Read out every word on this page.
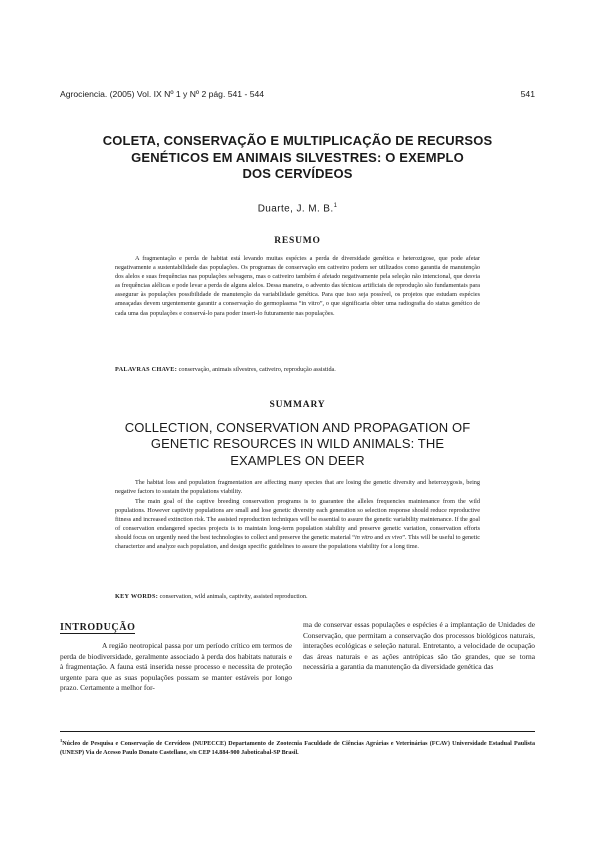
Agrociencia. (2005) Vol. IX Nº 1 y Nº 2 pág. 541 - 544	541
COLETA, CONSERVAÇÃO E MULTIPLICAÇÃO DE RECURSOS
GENÉTICOS EM ANIMAIS SILVESTRES: O EXEMPLO
DOS CERVÍDEOS
Duarte, J. M. B.$^1$
RESUMO

A fragmentação e perda de habitat está levando muitas espécies a perda de diversidade genética e heterozigose, que pode afetar negativamente a sustentabilidade das populações. Os programas de conservação em cativeiro podem ser utilizados como garantia de manutenção dos alelos e suas frequências nas populações selvagens, mas o cativeiro também é afetado negativamente pela seleção não intencional, que desvia as frequências alélicas e pode levar a perda de alguns alelos. Dessa maneira, o advento das técnicas artificiais de reprodução são fundamentais para assegurar às populações possibilidade de manutenção da variabilidade genética. Para que isso seja possível, os projetos que estudam espécies ameaçadas devem urgentemente garantir a conservação do germoplasma “in vitro”, o que significaria obter uma radiografia do status genético de cada uma das populações e conservá-lo para poder inseri-lo futuramente nas populações.

PALAVRAS CHAVE: conservação, animais silvestres, cativeiro, reprodução assistida.
SUMMARY
COLLECTION, CONSERVATION AND PROPAGATION OF
GENETIC RESOURCES IN WILD ANIMALS: THE
EXAMPLES ON DEER

The habitat loss and population fragmentation are affecting many species that are losing the genetic diversity and heterozygosis, being negative factors to sustain the populations viability.

The main goal of the captive breeding conservation programs is to guarantee the alleles frequencies maintenance from the wild populations. However captivity populations are small and lose genetic diversity each generation so selection response should reduce reproductive fitness and increased extinction risk. The assisted reproduction techniques will be essential to assure the genetic variability maintenance. If the goal of conservation endangered species projects is to maintain long-term population stability and preserve genetic variation, conservation efforts should focus on urgently need the best technologies to collect and preserve the genetic material “in vitro and ex vivo”. This will be useful to genetic characterize and analyze each population, and design specific guidelines to assure the populations viability for a long time.

KEY WORDS: conservation, wild animals, captivity, assisted reproduction.
INTRODUÇÃO

A região neotropical passa por um período crítico em termos de perda de biodiversidade, geralmente associado à perda dos habitats naturais e à fragmentação. A fauna está inserida nesse processo e necessita de proteção urgente para que as suas populações possam se manter estáveis por longo prazo. Certamente a melhor for-

ma de conservar essas populações e espécies é a implantação de Unidades de Conservação, que permitam a conservação dos processos biológicos naturais, interações ecológicas e seleção natural. Entretanto, a velocidade de ocupação das áreas naturais e as ações antrópicas são tão grandes, que se torna necessária a garantia da manutenção da diversidade genética das

$^1$Núcleo de Pesquisa e Conservação de Cervídeos (NUPECCE) Departamento de Zootecnia Faculdade de Ciências Agrárias e Veterinárias (FCAV) Universidade Estadual Paulista (UNESP) Via de Acesso Paulo Donato Castellane, s/n CEP 14.884-900 Jaboticabal-SP Brasil.
